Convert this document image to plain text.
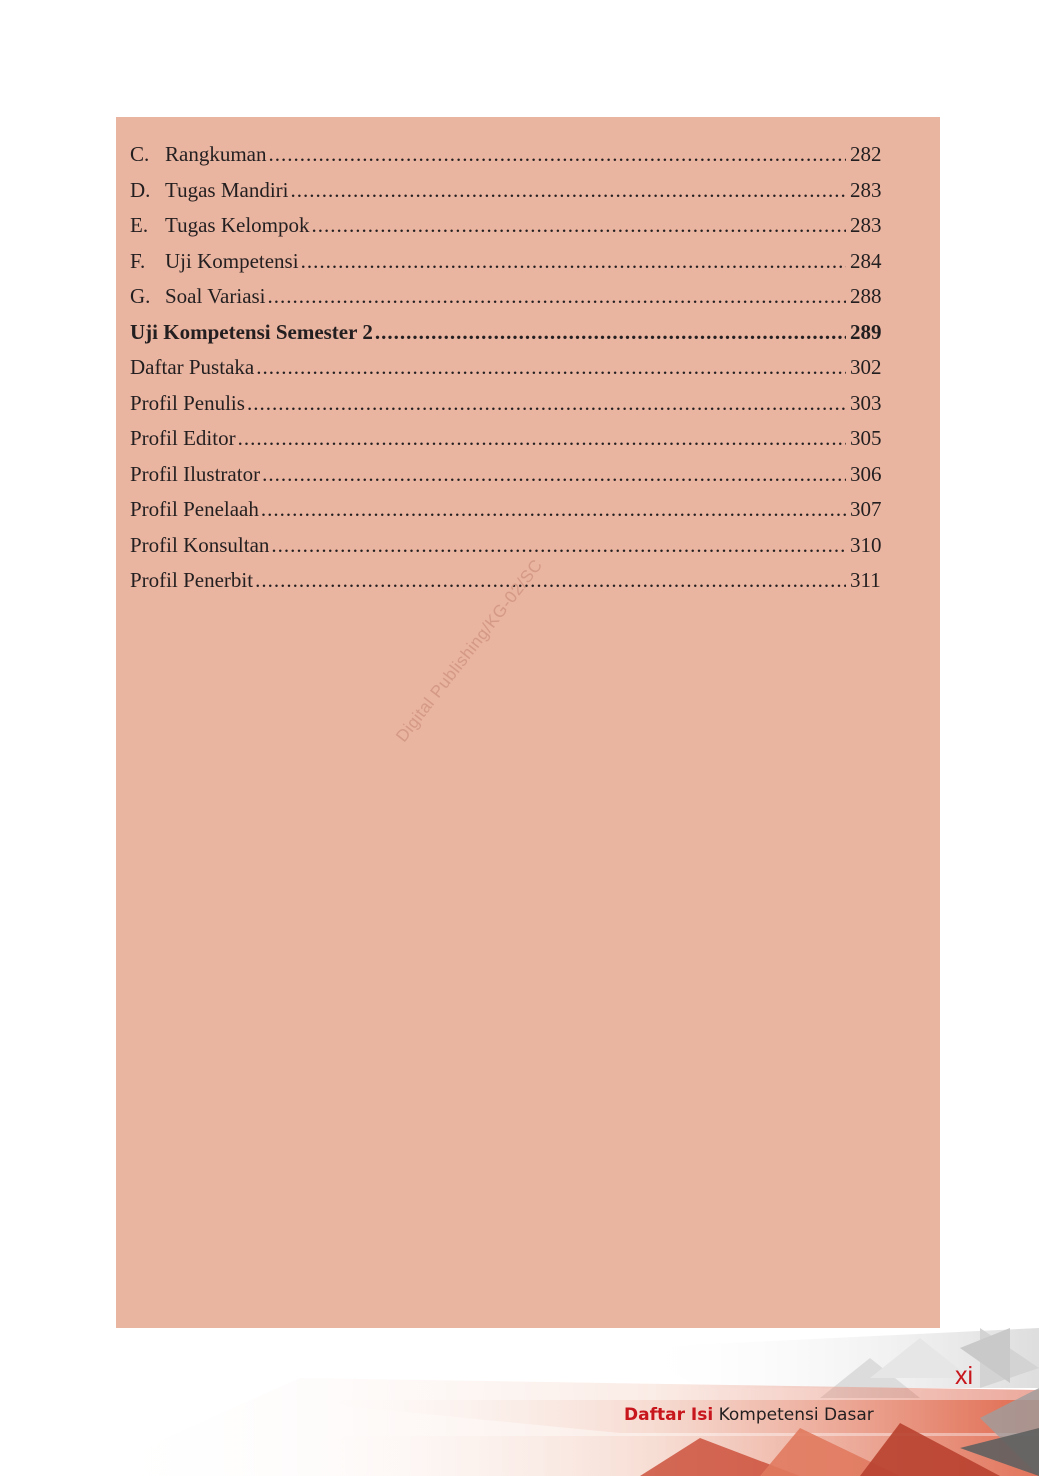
C. Rangkuman .....	282
D. Tugas Mandiri .....	283
E. Tugas Kelompok .....	283
F. Uji Kompetensi .....	284
G. Soal Variasi .....	288
Uji Kompetensi Semester 2 .....	289
Daftar Pustaka .....	302
Profil Penulis .....	303
Profil Editor .....	305
Profil Ilustrator .....	306
Profil Penelaah .....	307
Profil Konsultan .....	310
Profil Penerbit .....	311
Digital Publishing/KG-02/SC
xi
Daftar Isi Kompetensi Dasar
